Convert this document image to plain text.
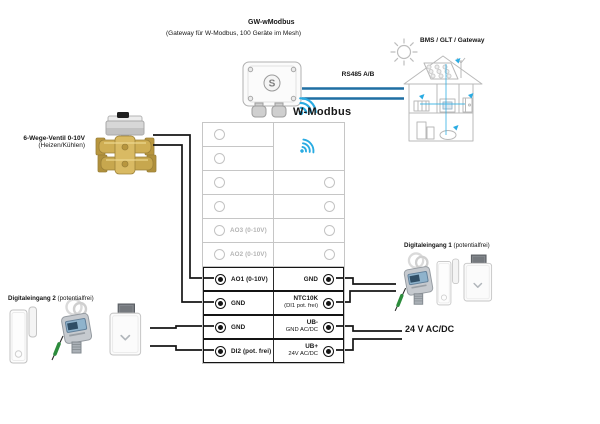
S
GW-wModbus
(Gateway für W-Modbus, 100 Geräte im Mesh)
RS485 A/B
BMS / GLT / Gateway
W-Modbus
6-Wege-Ventil 0-10V
(Heizen/Kühlen)
Digitaleingang 2 (potentialfrei)
Digitaleingang 1 (potentialfrei)
24 V AC/DC
AO3 (0-10V)
AO2 (0-10V)
AO1 (0-10V)	GND
GND
NTC10K
(DI1 pot. frei)
GND
UB-
GND AC/DC
DI2 (pot. frei)
UB+
24V AC/DC
